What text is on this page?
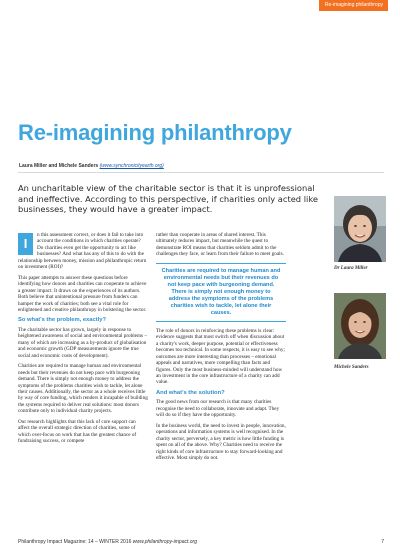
Re-imagining philanthropy
Re-imagining philanthropy
Laura Miller and Michele Sanders (www.synchronicityearth.org)

An uncharitable view of the charitable sector is that it is unprofessional and ineffective. According to this perspective, if charities only acted like businesses, they would have a greater impact.

I
n this assessment correct, or does it fail to take into account the conditions in which charities operate? Do charities even get the opportunity to act like businesses? And what has any of this to do with the relationship between money, mission and philanthropic return on investment (ROI)?

This paper attempts to answer these questions before identifying how donors and charities can cooperate to achieve a greater impact. It draws on the experiences of its authors. Both believe that unintentional pressure from funders can hamper the work of charities; both see a vital role for enlightened and creative philanthropy in bolstering the sector.

So what's the problem, exactly?

The charitable sector has grown, largely in response to heightened awareness of social and environmental problems – many of which are increasing as a by-product of globalisation and economic growth (GDP measurements ignore the true social and economic costs of development).

Charities are required to manage human and environmental needs but their revenues do not keep pace with burgeoning demand. There is simply not enough money to address the symptoms of the problems charities wish to tackle, let alone their causes. Additionally, the sector as a whole receives little by way of core funding, which renders it incapable of building the systems required to deliver real solutions: most donors contribute only to individual charity projects.

Our research highlights that this lack of core support can affect the overall strategic direction of charities, some of which over-focus on work that has the greatest chance of fundraising success, or compete

rather than cooperate in areas of shared interest. This ultimately reduces impact, but meanwhile the quest to demonstrate ROI means that charities seldom admit to the challenges they face, or learn from their failure to meet goals.

Charities are required to manage human and environmental needs but their revenues do not keep pace with burgeoning demand. There is simply not enough money to address the symptoms of the problems charities wish to tackle, let alone their causes.

The role of donors in reinforcing these problems is clear: evidence suggests that most switch off when discussion about a charity's work, deeper purpose, potential or effectiveness becomes too technical. In some respects, it is easy to see why; outcomes are more interesting than processes – emotional appeals and narratives, more compelling than facts and figures. Only the most business-minded will understand how an investment in the core infrastructure of a charity can add value.

And what's the solution?

The good news from our research is that many charities recognise the need to collaborate, innovate and adapt. They will do so if they have the opportunity.

In the business world, the need to invest in people, innovation, operations and information systems is well recognised. In the charity sector, perversely, a key metric is how little funding is spent on all of the above. Why? Charities need to receive the right kinds of core infrastructure to stay forward-looking and effective. Most simply do not.

Dr Laura Miller
Michele Sanders
Philanthropy Impact Magazine: 14 – WINTER 2016 www.philanthropy-impact.org	7
